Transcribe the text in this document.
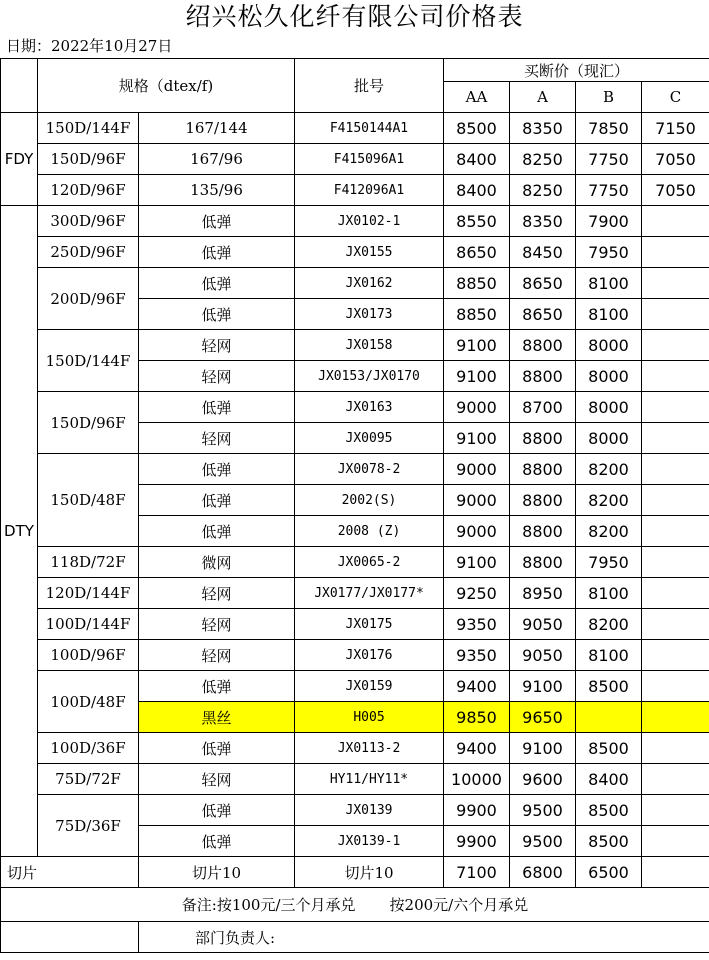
绍兴松久化纤有限公司价格表
日期：2022年10月27日
	规格（dtex/f)		批号	买断价（现汇）			
				AA	A	B	C
FDY	150D/144F	167/144	F4150144A1	8500	8350	7850	7150
	150D/96F	167/96	F415096A1	8400	8250	7750	7050
	120D/96F	135/96	F412096A1	8400	8250	7750	7050
DTY	300D/96F	低弹	JX0102-1	8550	8350	7900	
	250D/96F	低弹	JX0155	8650	8450	7950	
	200D/96F	低弹	JX0162	8850	8650	8100	
		低弹	JX0173	8850	8650	8100	
	150D/144F	轻网	JX0158	9100	8800	8000	
		轻网	JX0153/JX0170	9100	8800	8000	
	150D/96F	低弹	JX0163	9000	8700	8000	
		轻网	JX0095	9100	8800	8000	
	150D/48F	低弹	JX0078-2	9000	8800	8200	
		低弹	2002(S)	9000	8800	8200	
		低弹	2008 (Z)	9000	8800	8200	
	118D/72F	微网	JX0065-2	9100	8800	7950	
	120D/144F	轻网	JX0177/JX0177*	9250	8950	8100	
	100D/144F	轻网	JX0175	9350	9050	8200	
	100D/96F	轻网	JX0176	9350	9050	8100	
	100D/48F	低弹	JX0159	9400	9100	8500	
		黑丝	H005	9850	9650		
	100D/36F	低弹	JX0113-2	9400	9100	8500	
	75D/72F	轻网	HY11/HY11*	10000	9600	8400	
	75D/36F	低弹	JX0139	9900	9500	8500	
		低弹	JX0139-1	9900	9500	8500	
切片		切片10	切片10	7100	6800	6500	
备注:按100元/三个月承兑 按200元/六个月承兑							
		部门负责人:					
